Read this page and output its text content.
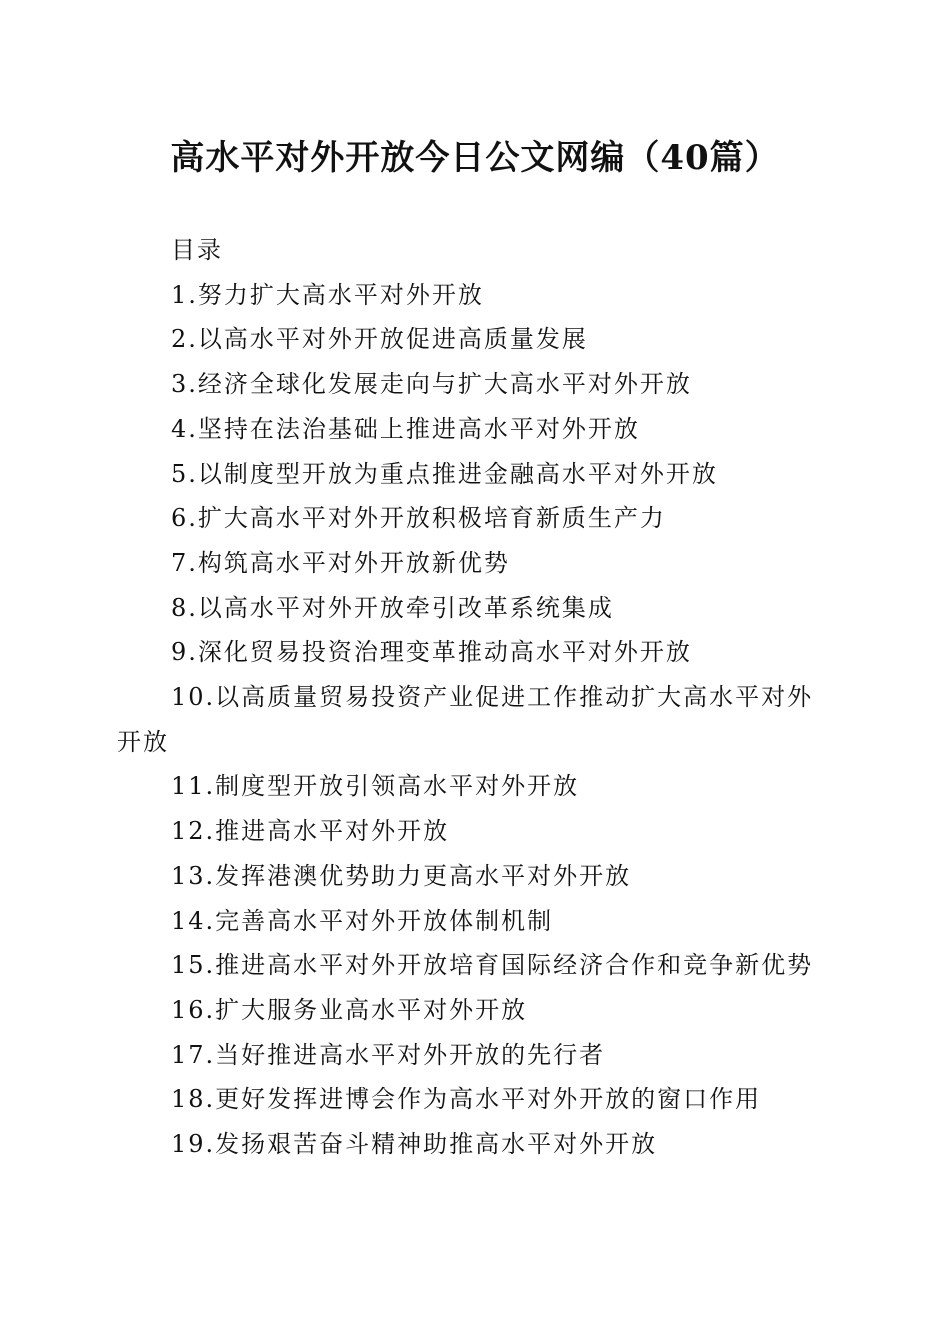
高水平对外开放今日公文网编（40篇）

目录

1.努力扩大高水平对外开放

2.以高水平对外开放促进高质量发展

3.经济全球化发展走向与扩大高水平对外开放

4.坚持在法治基础上推进高水平对外开放

5.以制度型开放为重点推进金融高水平对外开放

6.扩大高水平对外开放积极培育新质生产力

7.构筑高水平对外开放新优势

8.以高水平对外开放牵引改革系统集成

9.深化贸易投资治理变革推动高水平对外开放

10.以高质量贸易投资产业促进工作推动扩大高水平对外开放

11.制度型开放引领高水平对外开放

12.推进高水平对外开放

13.发挥港澳优势助力更高水平对外开放

14.完善高水平对外开放体制机制

15.推进高水平对外开放培育国际经济合作和竞争新优势

16.扩大服务业高水平对外开放

17.当好推进高水平对外开放的先行者

18.更好发挥进博会作为高水平对外开放的窗口作用

19.发扬艰苦奋斗精神助推高水平对外开放
